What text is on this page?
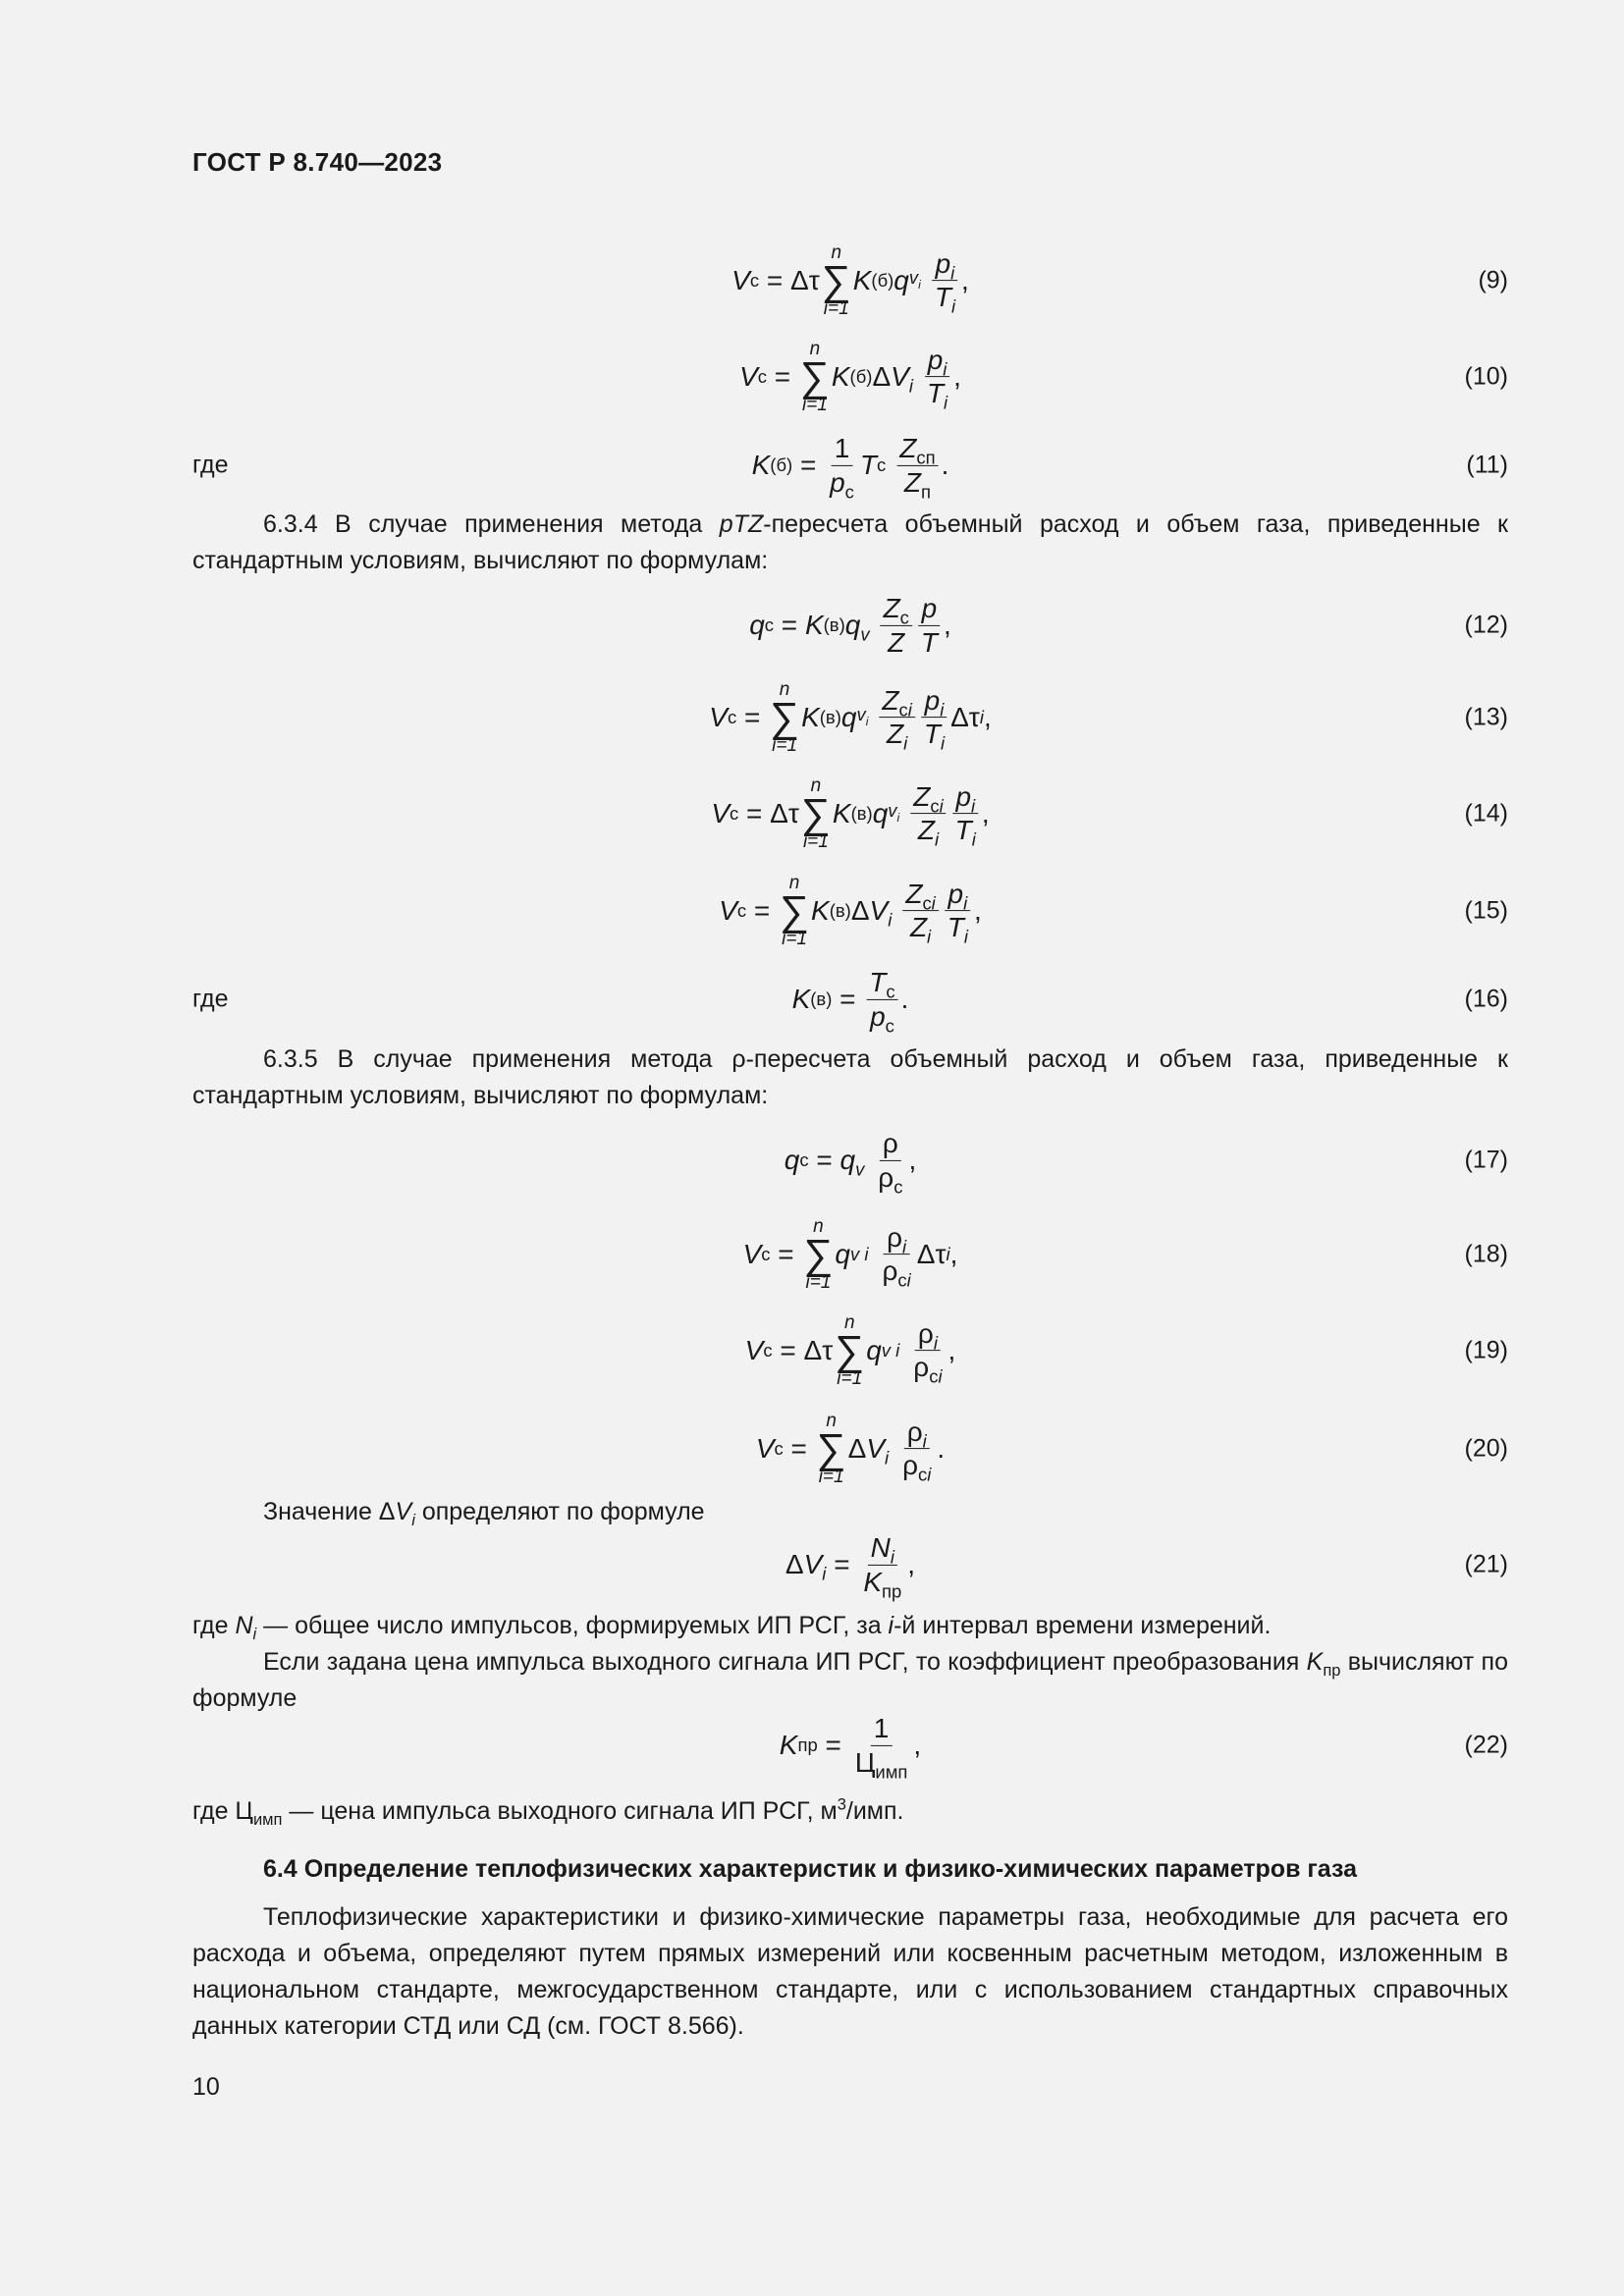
ГОСТ Р 8.740—2023
V с = Δτ
n
∑
i=1
K (б) q $v_i \frac{p_i}{T_i}$ ,	(9)
V с =
n
∑
i=1
K (б) Δ $V_i \frac{p_i}{T_i}$ ,	(10)
где	K $(б) = \frac{1}{p_с}$ T с $\frac{Z_{сп}}{Z_п}$ .	(11)
6.3.4 В случае применения метода pTZ-пересчета объемный расход и объем газа, приведенные к стандартным условиям, вычисляют по формулам:
q с = K (в) $q_v \frac{Z_с}{Z} \frac{p}{T}$ ,	(12)
V с =
n
∑
i=1
K (в) q $v_i \frac{Z_{сi}}{Z_i} \frac{p_i}{T_i}$ Δτ i ,	(13)
V с = Δτ
n
∑
i=1
K (в) q $v_i \frac{Z_{сi}}{Z_i} \frac{p_i}{T_i}$ ,	(14)
V с =
n
∑
i=1
K (в) Δ $V_i \frac{Z_{сi}}{Z_i} \frac{p_i}{T_i}$ ,	(15)
где	K $(в) = \frac{T_с}{p_с}$ .	(16)
6.3.5 В случае применения метода ρ-пересчета объемный расход и объем газа, приведенные к стандартным условиям, вычисляют по формулам:
q $с = q_v \frac{\rho}{\rho_с}$ ,	(17)
V с =
n
∑
i=1
q v i $\frac{\rho_i}{\rho_{сi}}$ Δτ i ,	(18)
V с = Δτ
n
∑
i=1
q v i $\frac{\rho_i}{\rho_{сi}}$ ,	(19)
V с =
n
∑
i=1
Δ $V_i \frac{\rho_i}{\rho_{сi}}$ .	(20)
Значение $\Delta V_i$ определяют по формуле
Δ $V_i = \frac{N_i}{K_{пр}}$ ,	(21)
где $N_i$ — общее число импульсов, формируемых ИП РСГ, за i-й интервал времени измерений.
Если задана цена импульса выходного сигнала ИП РСГ, то коэффициент преобразования $K_{пр}$ вычисляют по формуле
K пр = $\frac{1}{Ц_{имп}}$ ,	(22)
где $Ц_{имп}$ — цена импульса выходного сигнала ИП РСГ, $м^3$/имп.
6.4 Определение теплофизических характеристик и физико-химических параметров газа
Теплофизические характеристики и физико-химические параметры газа, необходимые для расчета его расхода и объема, определяют путем прямых измерений или косвенным расчетным методом, изложенным в национальном стандарте, межгосударственном стандарте, или с использованием стандартных справочных данных категории СТД или СД (см. ГОСТ 8.566).
10
